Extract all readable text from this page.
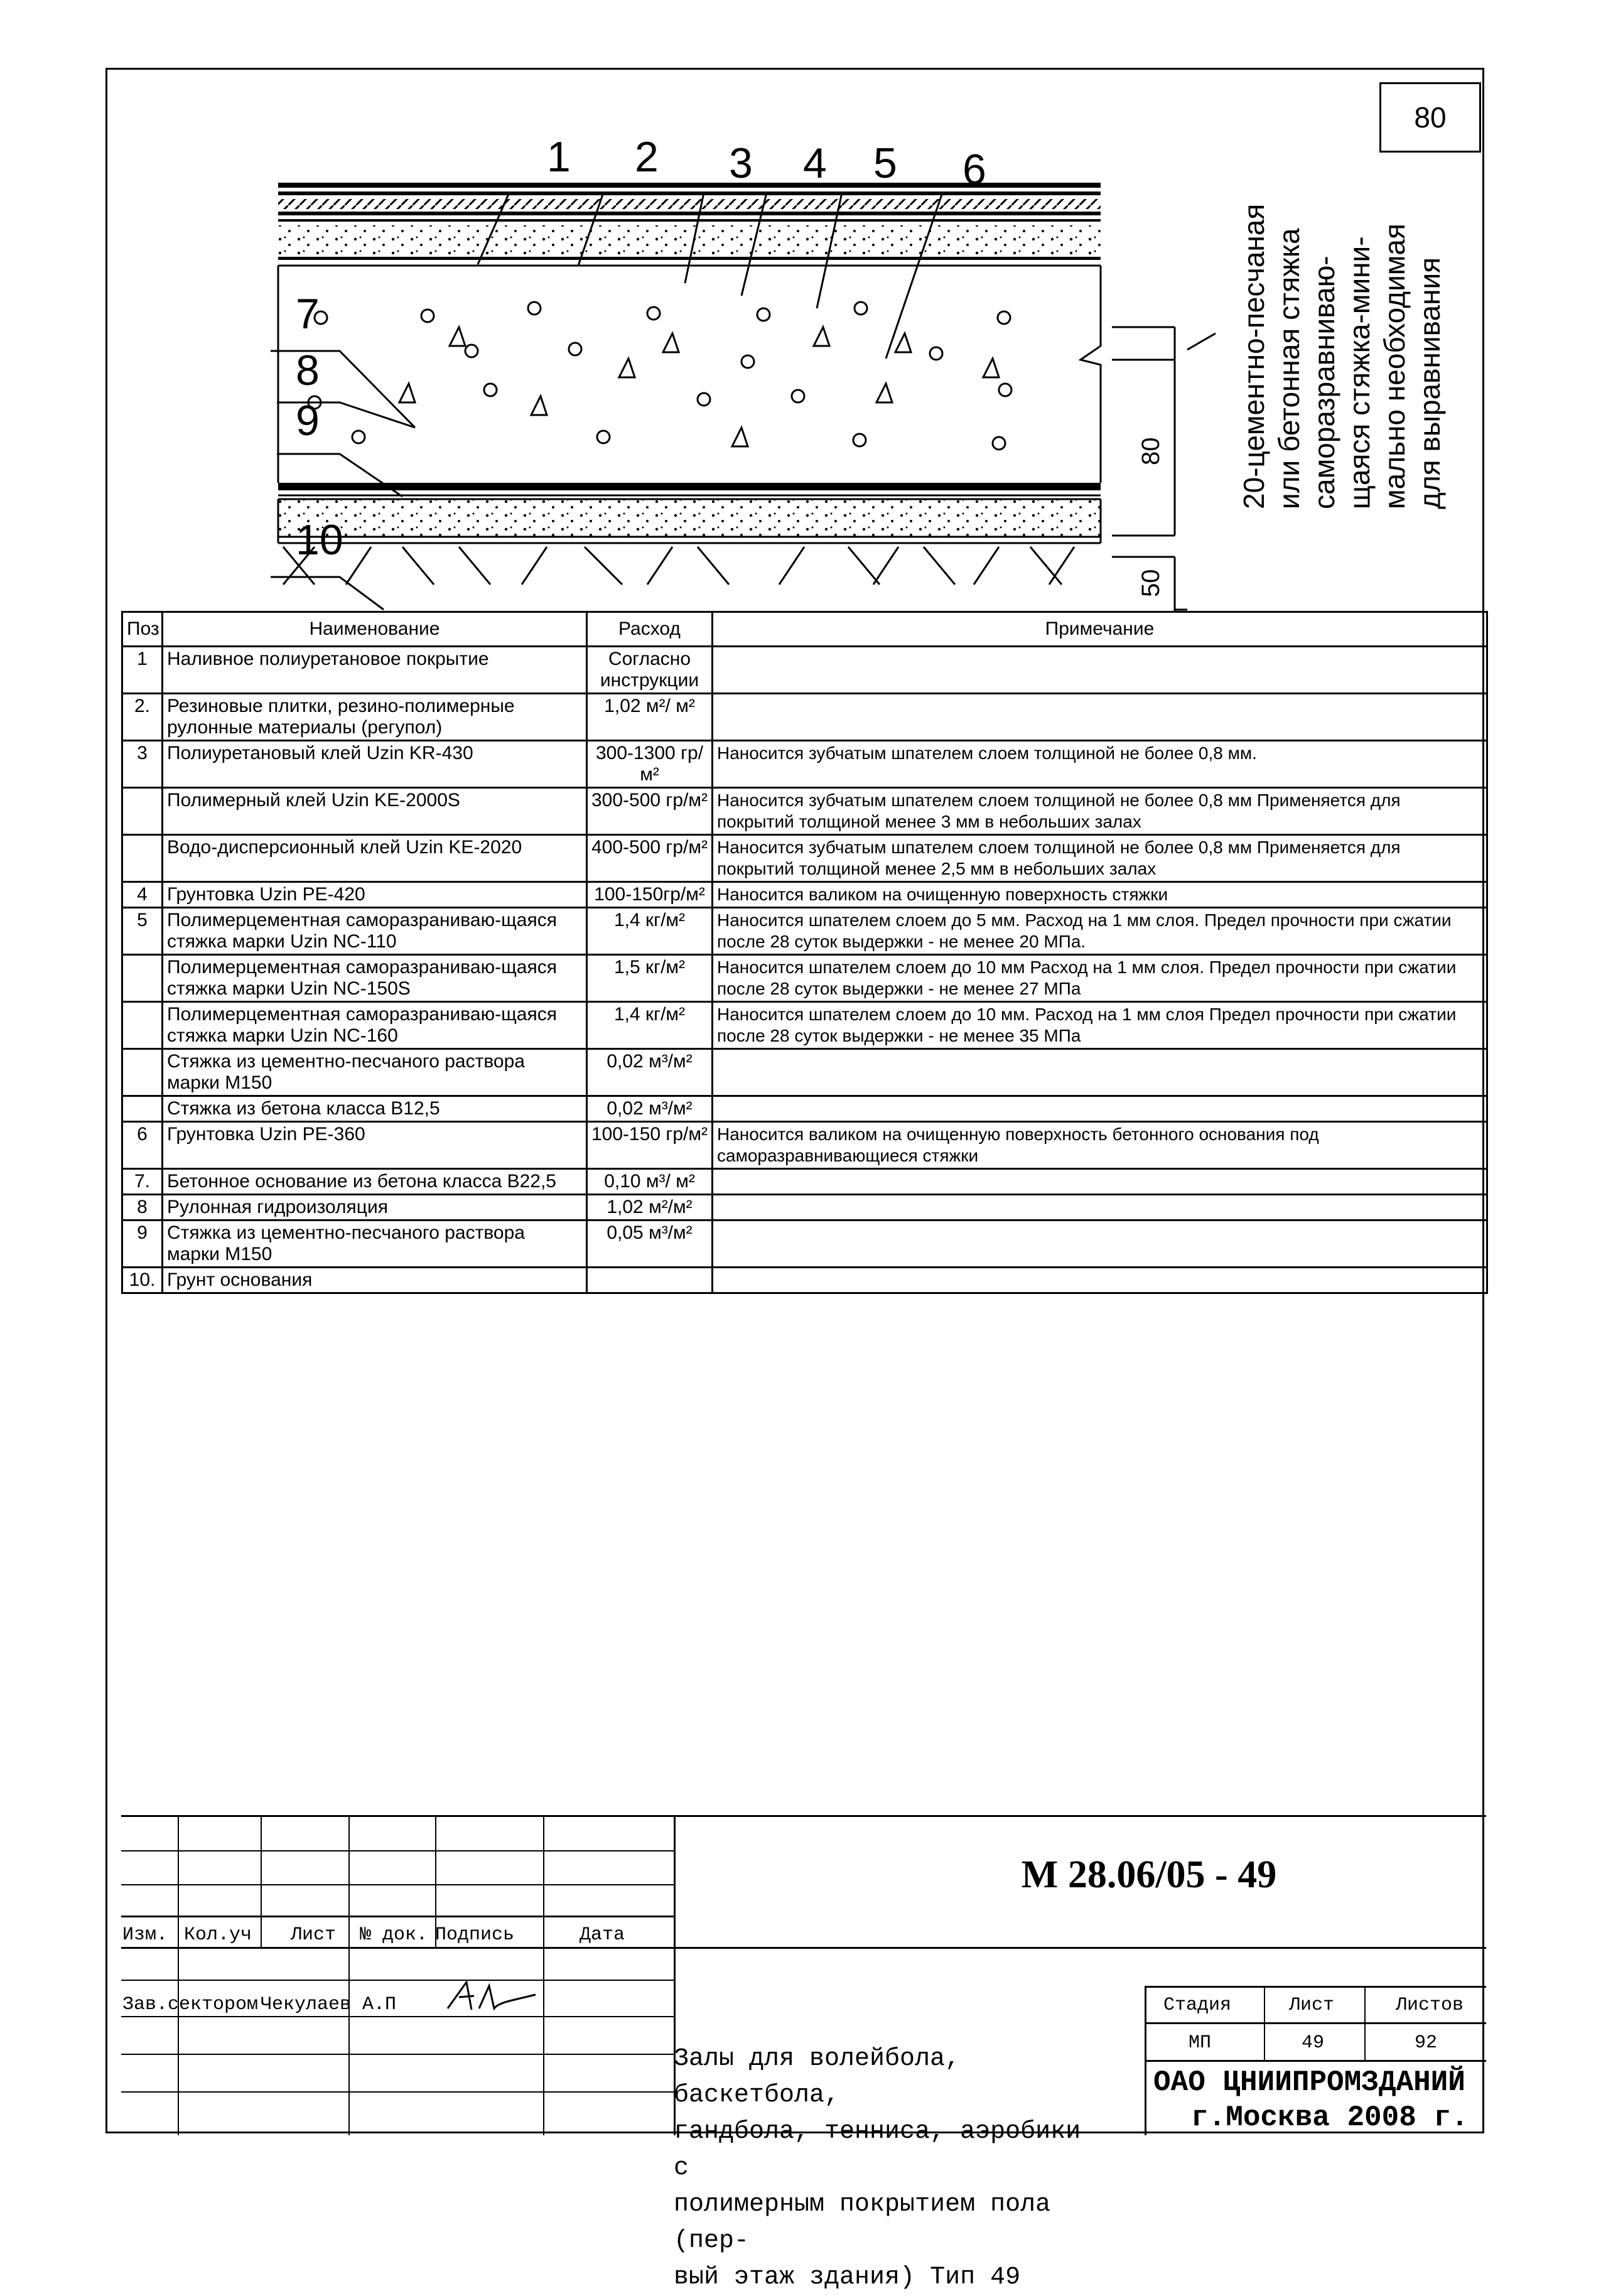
80
1 2 3 4 5 6
7
8
9
10
80
50
20-цементно-песчаная или бетонная стяжка саморазравниваю- щаяся стяжка-мини- мально необходимая для выравнивания
Поз	Наименование	Расход	Примечание
1	Наливное полиуретановое покрытие	Согласно инструкции	
2.	Резиновые плитки, резино-полимерные рулонные материалы (регупол)	1,02 м²/ м²	
3	Полиуретановый клей Uzin KR-430	300-1300 гр/м²	Наносится зубчатым шпателем слоем толщиной не более 0,8 мм.
	Полимерный клей Uzin KE-2000S	300-500 гр/м²	Наносится зубчатым шпателем слоем толщиной не более 0,8 мм Применяется для покрытий толщиной менее 3 мм в небольших залах
	Водо-дисперсионный клей Uzin KE-2020	400-500 гр/м²	Наносится зубчатым шпателем слоем толщиной не более 0,8 мм Применяется для покрытий толщиной менее 2,5 мм в небольших залах
4	Грунтовка Uzin PE-420	100-150гр/м²	Наносится валиком на очищенную поверхность стяжки
5	Полимерцементная саморазраниваю-щаяся стяжка марки Uzin NC-110	1,4 кг/м²	Наносится шпателем слоем до 5 мм. Расход на 1 мм слоя. Предел прочности при сжатии после 28 суток выдержки - не менее 20 МПа.
	Полимерцементная саморазраниваю-щаяся стяжка марки Uzin NC-150S	1,5 кг/м²	Наносится шпателем слоем до 10 мм Расход на 1 мм слоя. Предел прочности при сжатии после 28 суток выдержки - не менее 27 МПа
	Полимерцементная саморазраниваю-щаяся стяжка марки Uzin NC-160	1,4 кг/м²	Наносится шпателем слоем до 10 мм. Расход на 1 мм слоя Предел прочности при сжатии после 28 суток выдержки - не менее 35 МПа
	Стяжка из цементно-песчаного раствора марки М150	0,02 м³/м²	
	Стяжка из бетона класса В12,5	0,02 м³/м²	
6	Грунтовка Uzin PE-360	100-150 гр/м²	Наносится валиком на очищенную поверхность бетонного основания под саморазравнивающиеся стяжки
7.	Бетонное основание из бетона класса В22,5	0,10 м³/ м²	
8	Рулонная гидроизоляция	1,02 м²/м²	
9	Стяжка из цементно-песчаного раствора марки М150	0,05 м³/м²	
10.	Грунт основания		
М 28.06/05 - 49
Изм. Кол.уч Лист № док. Подпись	Дата
Зав.сектором Чекулаев А.П
Залы для волейбола, баскетбола,
гандбола, тенниса, аэробики с
полимерным покрытием пола (пер-
вый этаж здания) Тип 49
Стадия	Лист	Листов
МП	49	92
ОАО ЦНИИПРОМЗДАНИЙ
г.Москва 2008 г.
